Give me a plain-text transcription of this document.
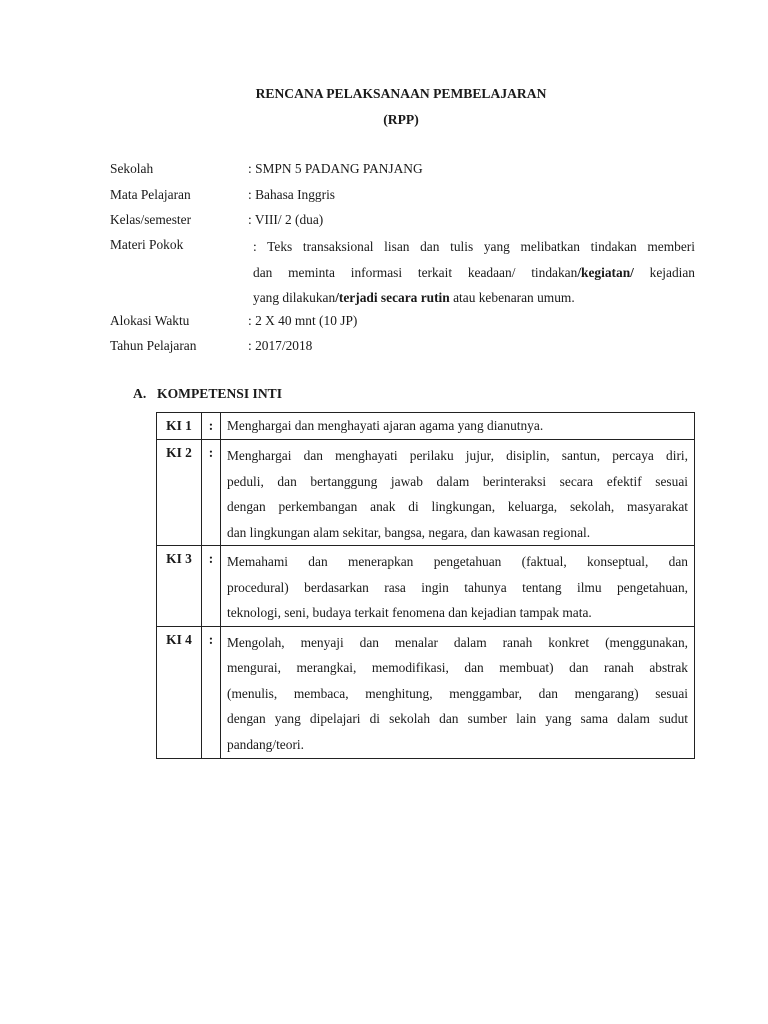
RENCANA PELAKSANAAN PEMBELAJARAN
(RPP)
Sekolah	: SMPN 5 PADANG PANJANG
Mata Pelajaran	: Bahasa Inggris
Kelas/semester	: VIII/ 2 (dua)
Materi Pokok	: Teks transaksional lisan dan tulis yang melibatkan tindakan memberi
dan meminta informasi terkait keadaan/ tindakan/kegiatan/ kejadian
yang dilakukan/terjadi secara rutin atau kebenaran umum.
Alokasi Waktu	: 2 X 40 mnt (10 JP)
Tahun Pelajaran	: 2017/2018
A. KOMPETENSI INTI
KI 1	:	Menghargai dan menghayati ajaran agama yang dianutnya.

KI 2	:	Menghargai dan menghayati perilaku jujur, disiplin, santun, percaya diri,
peduli, dan bertanggung jawab dalam berinteraksi secara efektif sesuai
dengan perkembangan anak di lingkungan, keluarga, sekolah, masyarakat
dan lingkungan alam sekitar, bangsa, negara, dan kawasan regional.

KI 3	:	Memahami dan menerapkan pengetahuan (faktual, konseptual, dan
procedural) berdasarkan rasa ingin tahunya tentang ilmu pengetahuan,
teknologi, seni, budaya terkait fenomena dan kejadian tampak mata.

KI 4	:	Mengolah, menyaji dan menalar dalam ranah konkret (menggunakan,
mengurai, merangkai, memodifikasi, dan membuat) dan ranah abstrak
(menulis, membaca, menghitung, menggambar, dan mengarang) sesuai
dengan yang dipelajari di sekolah dan sumber lain yang sama dalam sudut
pandang/teori.
